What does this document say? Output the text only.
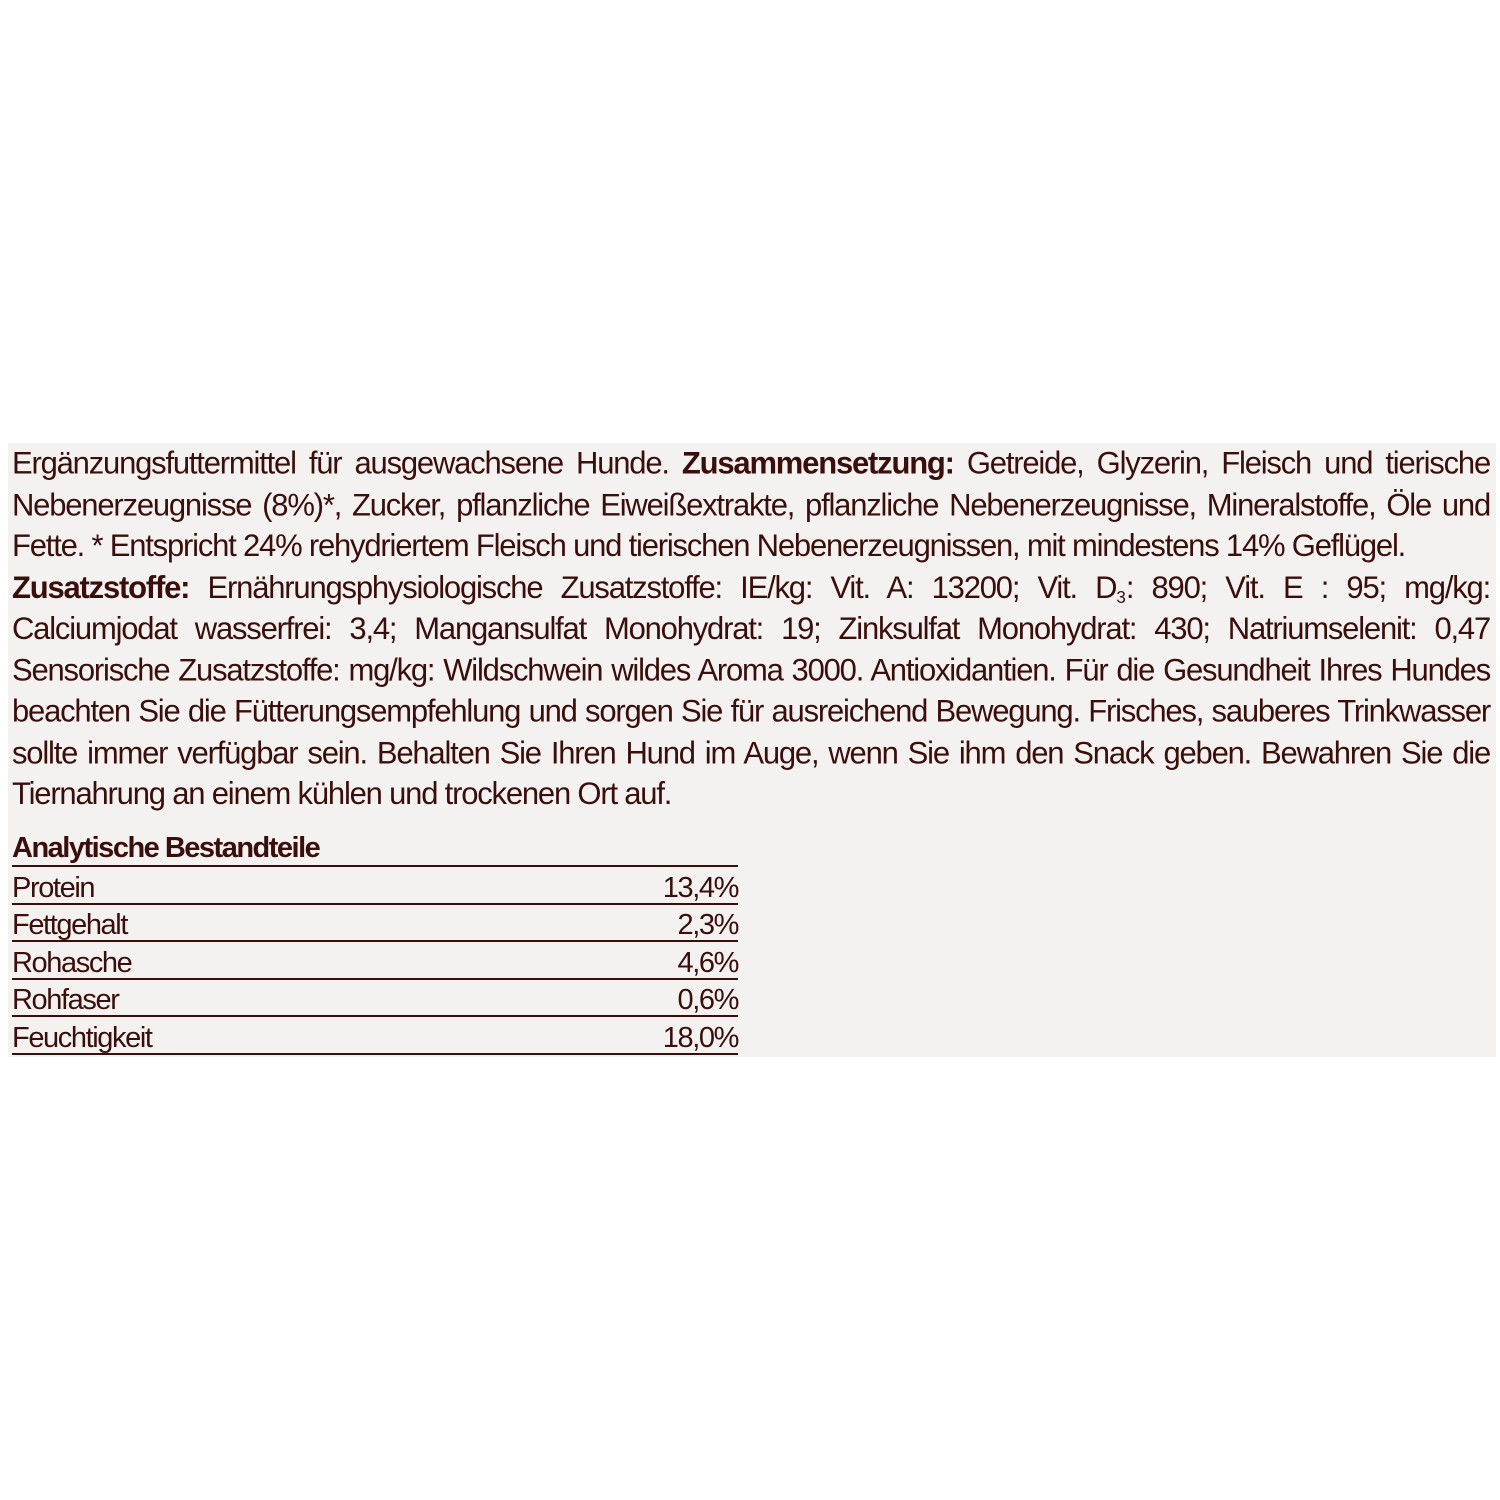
Ergänzungsfuttermittel für ausgewachsene Hunde. Zusammensetzung: Getreide, Glyzerin, Fleisch und tierische Nebenerzeugnisse (8%)*, Zucker, pflanzliche Eiweißextrakte, pflanzliche Nebenerzeugnisse, Mineralstoffe, Öle und Fette. * Entspricht 24% rehydriertem Fleisch und tierischen Nebenerzeugnissen, mit mindestens 14% Geflügel.
Zusatzstoffe: Ernährungsphysiologische Zusatzstoffe: IE/kg: Vit. A: 13200; Vit. $D_3$: 890; Vit. E : 95; mg/kg: Calciumjodat wasserfrei: 3,4; Mangansulfat Monohydrat: 19; Zinksulfat Monohydrat: 430; Natriumselenit: 0,47 Sensorische Zusatzstoffe: mg/kg: Wildschwein wildes Aroma 3000. Antioxidantien. Für die Gesundheit Ihres Hundes beachten Sie die Fütterungsempfehlung und sorgen Sie für ausreichend Bewegung. Frisches, sauberes Trinkwasser sollte immer verfügbar sein. Behalten Sie Ihren Hund im Auge, wenn Sie ihm den Snack geben. Bewahren Sie die Tiernahrung an einem kühlen und trockenen Ort auf.

Analytische Bestandteile
Protein	13,4%
Fettgehalt	2,3%
Rohasche	4,6%
Rohfaser	0,6%
Feuchtigkeit	18,0%
